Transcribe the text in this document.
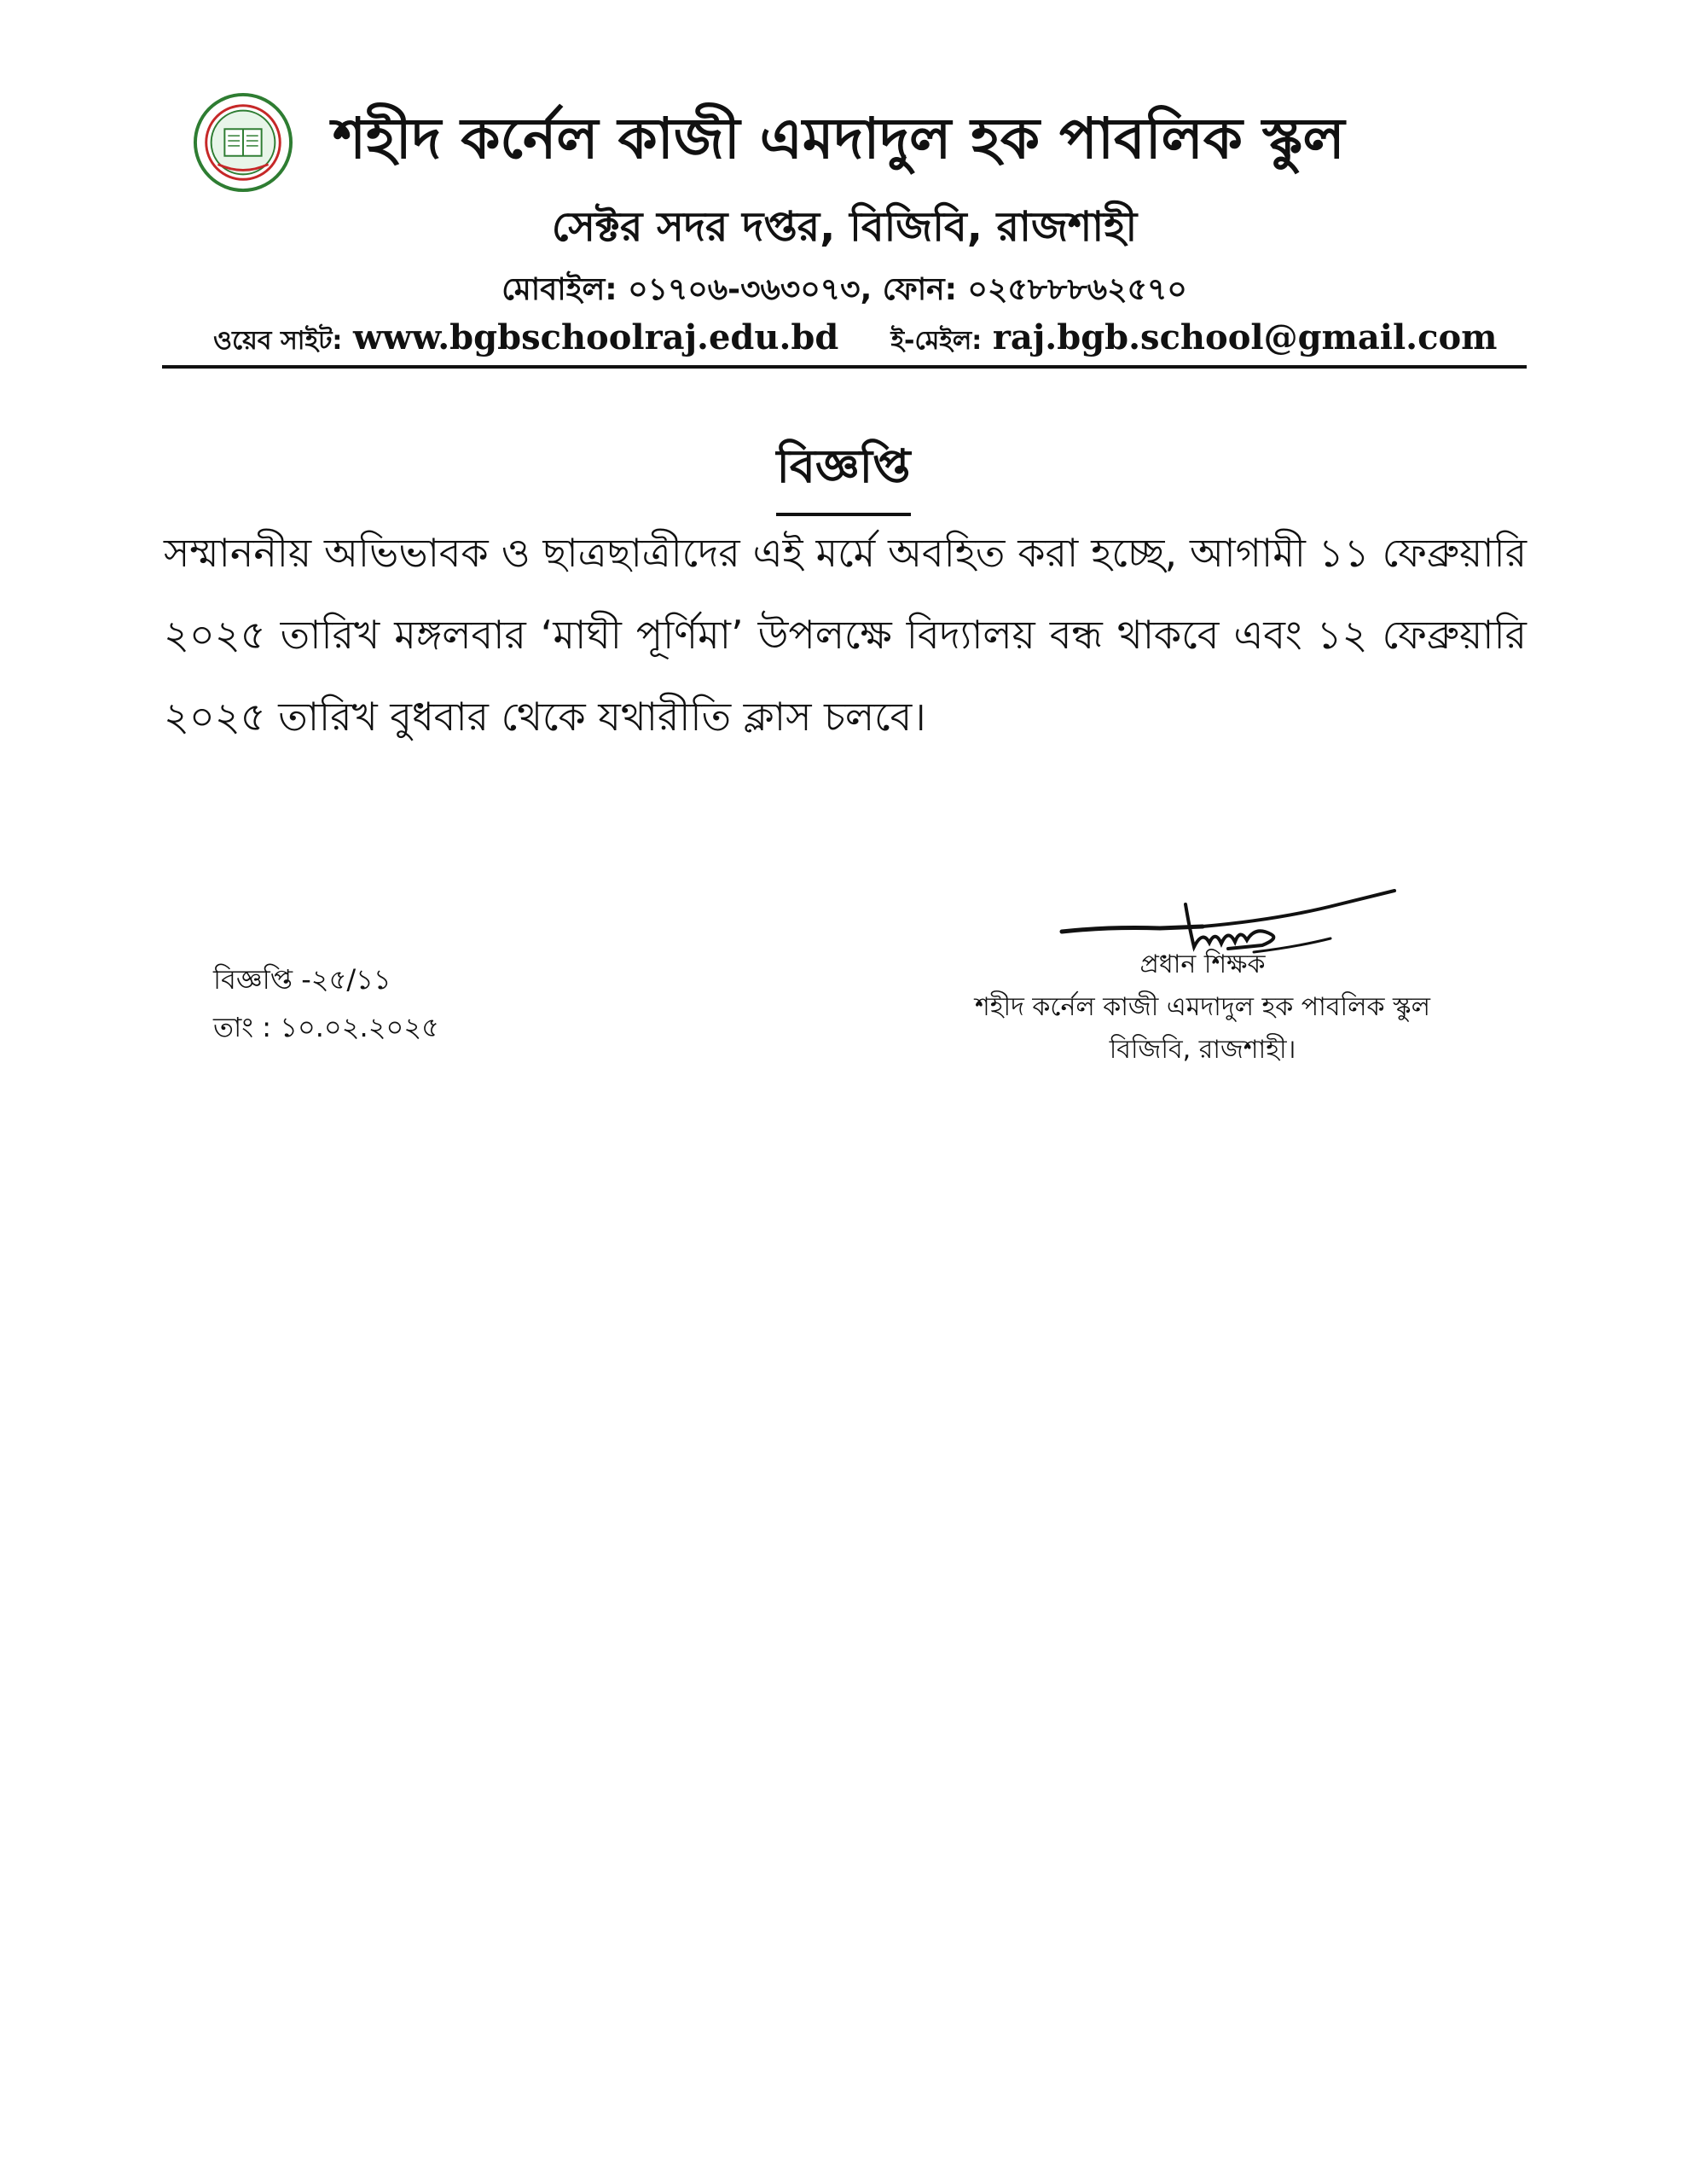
শহীদ কর্নেল কাজী এমদাদুল হক পাবলিক স্কুল
সেক্টর সদর দপ্তর, বিজিবি, রাজশাহী
মোবাইল: ০১৭০৬-৩৬৩০৭৩, ফোন: ০২৫৮৮৮৬২৫৭০
ওয়েব সাইট: www.bgbschoolraj.edu.bd ই-মেইল: raj.bgb.school@gmail.com
বিজ্ঞপ্তি
সম্মাননীয় অভিভাবক ও ছাত্রছাত্রীদের এই মর্মে অবহিত করা হচ্ছে, আগামী ১১ ফেব্রুয়ারি ২০২৫ তারিখ মঙ্গলবার ‘মাঘী পূর্ণিমা’ উপলক্ষে বিদ্যালয় বন্ধ থাকবে এবং ১২ ফেব্রুয়ারি ২০২৫ তারিখ বুধবার থেকে যথারীতি ক্লাস চলবে।
বিজ্ঞপ্তি -২৫/১১
তাং : ১০.০২.২০২৫
প্রধান শিক্ষক
শহীদ কর্নেল কাজী এমদাদুল হক পাবলিক স্কুল
বিজিবি, রাজশাহী।
